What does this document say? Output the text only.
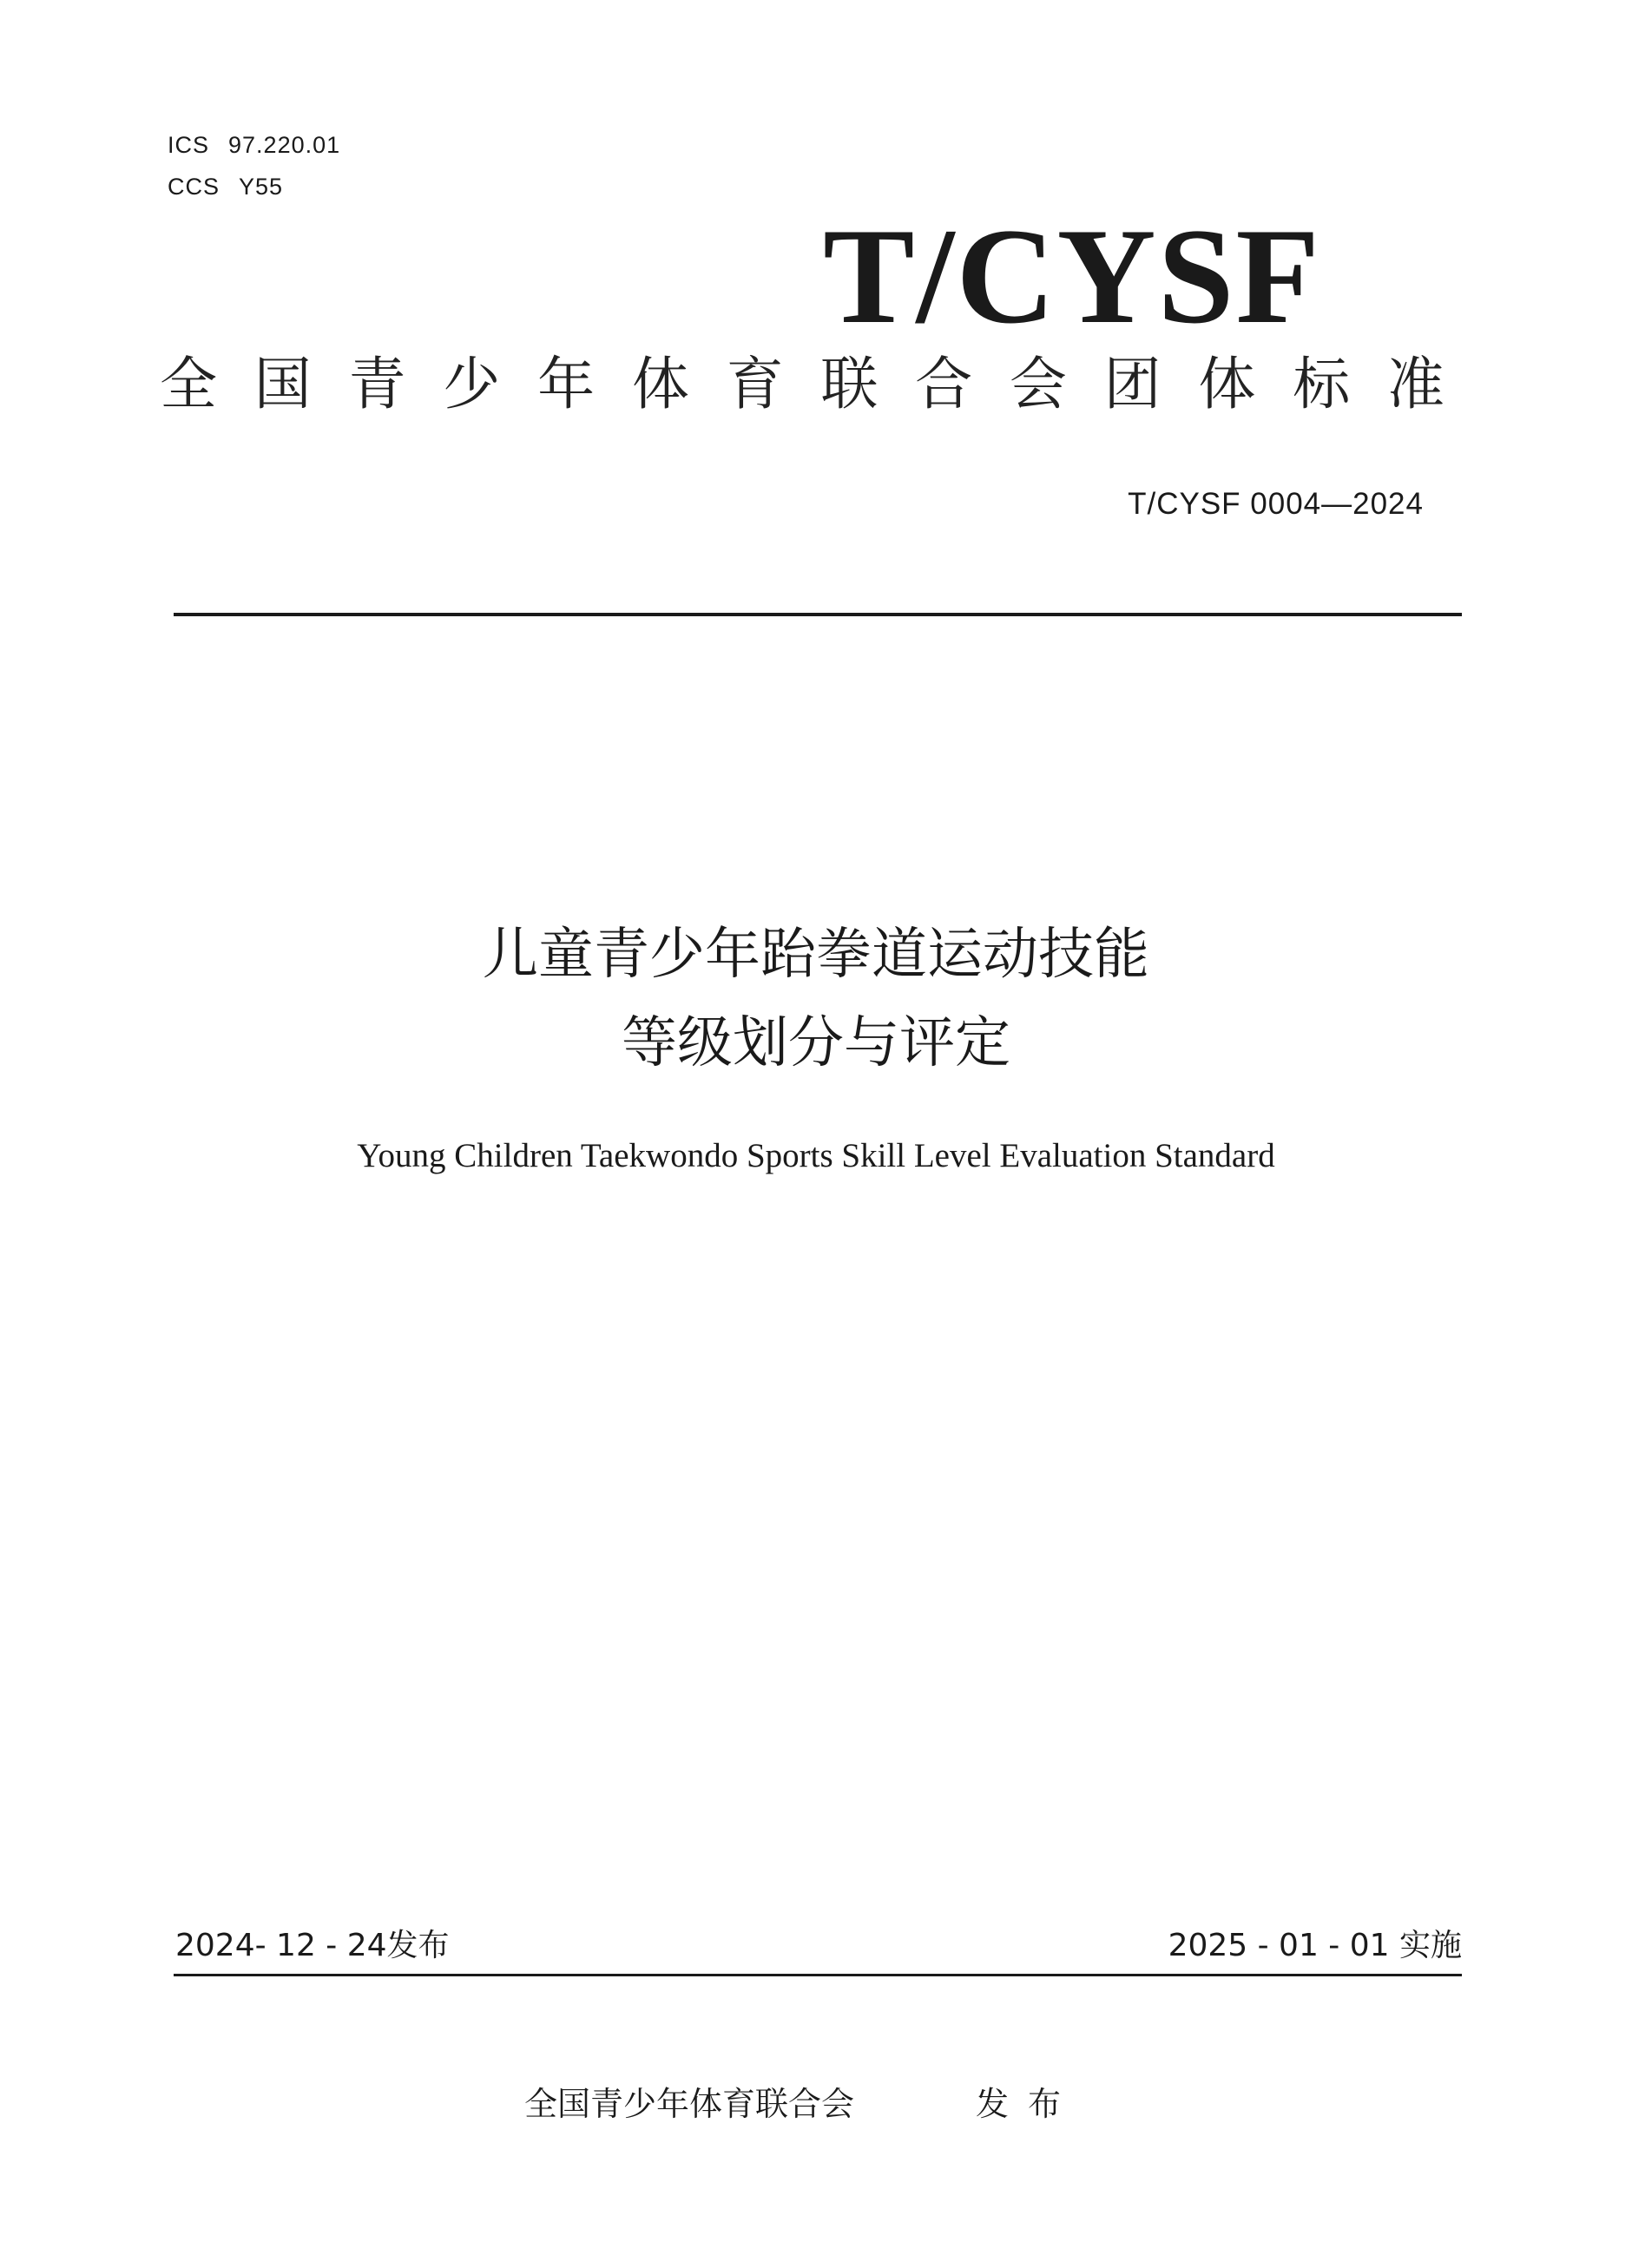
ICS 97.220.01
CCS Y55
T/CYSF
全 国 青 少 年 体 育 联 合 会 团 体 标 准
T/CYSF 0004—2024
儿童青少年跆拳道运动技能
等级划分与评定
Young Children Taekwondo Sports Skill Level Evaluation Standard
2024- 12 - 24发布	2025 - 01 - 01 实施
全国青少年体育联合会	发布
